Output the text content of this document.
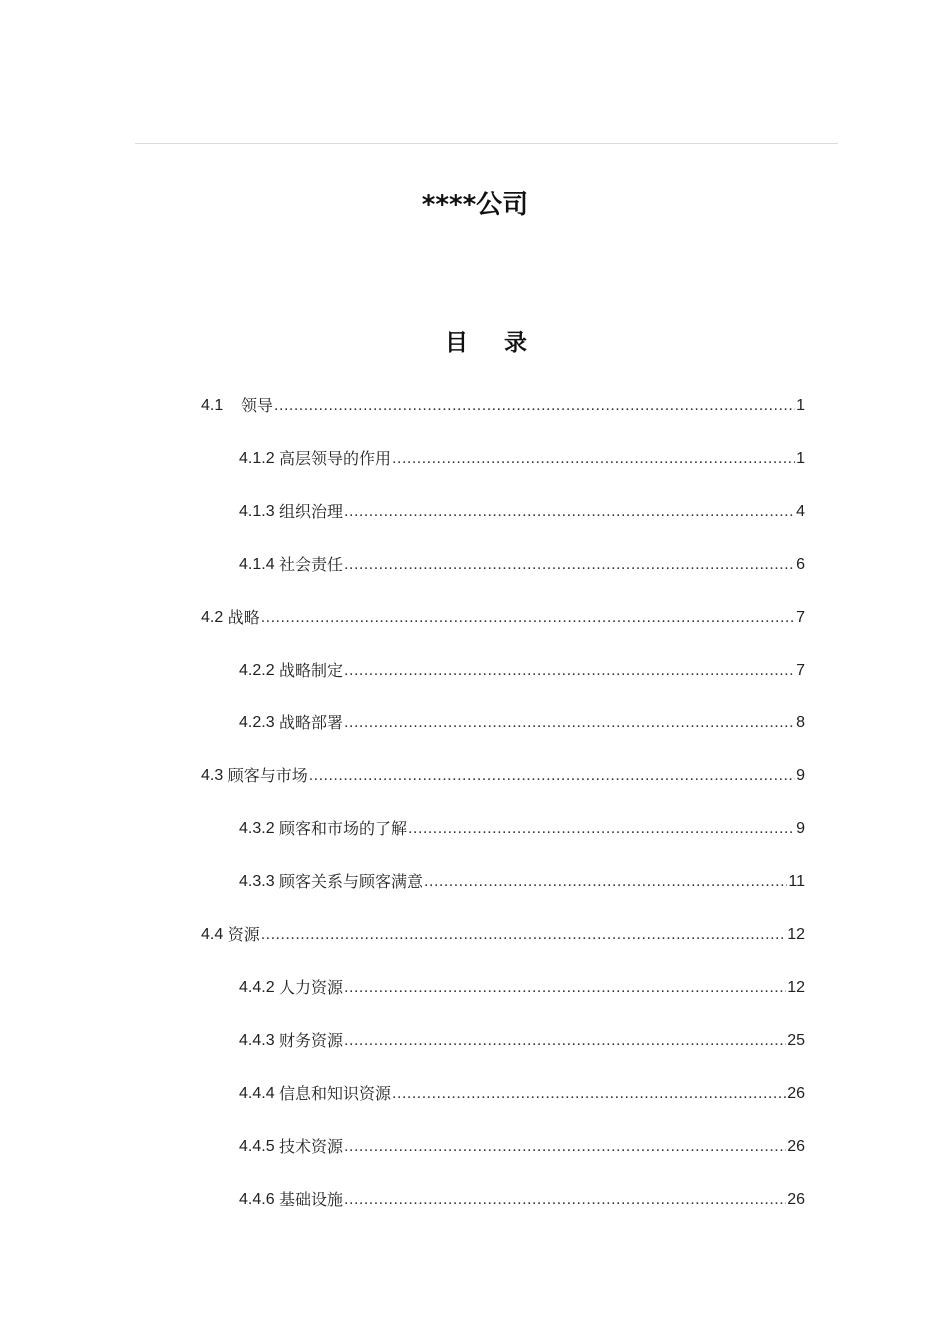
****公司
目 录
4.1 领导 .....	1
4.1.2 高层领导的作用 .....	1
4.1.3 组织治理 .....	4
4.1.4 社会责任 .....	6
4.2 战略 .....	7
4.2.2 战略制定 .....	7
4.2.3 战略部署 .....	8
4.3 顾客与市场 .....	9
4.3.2 顾客和市场的了解 .....	9
4.3.3 顾客关系与顾客满意 .....	11
4.4 资源 .....	12
4.4.2 人力资源 .....	12
4.4.3 财务资源 .....	25
4.4.4 信息和知识资源 .....	26
4.4.5 技术资源 .....	26
4.4.6 基础设施 .....	26
